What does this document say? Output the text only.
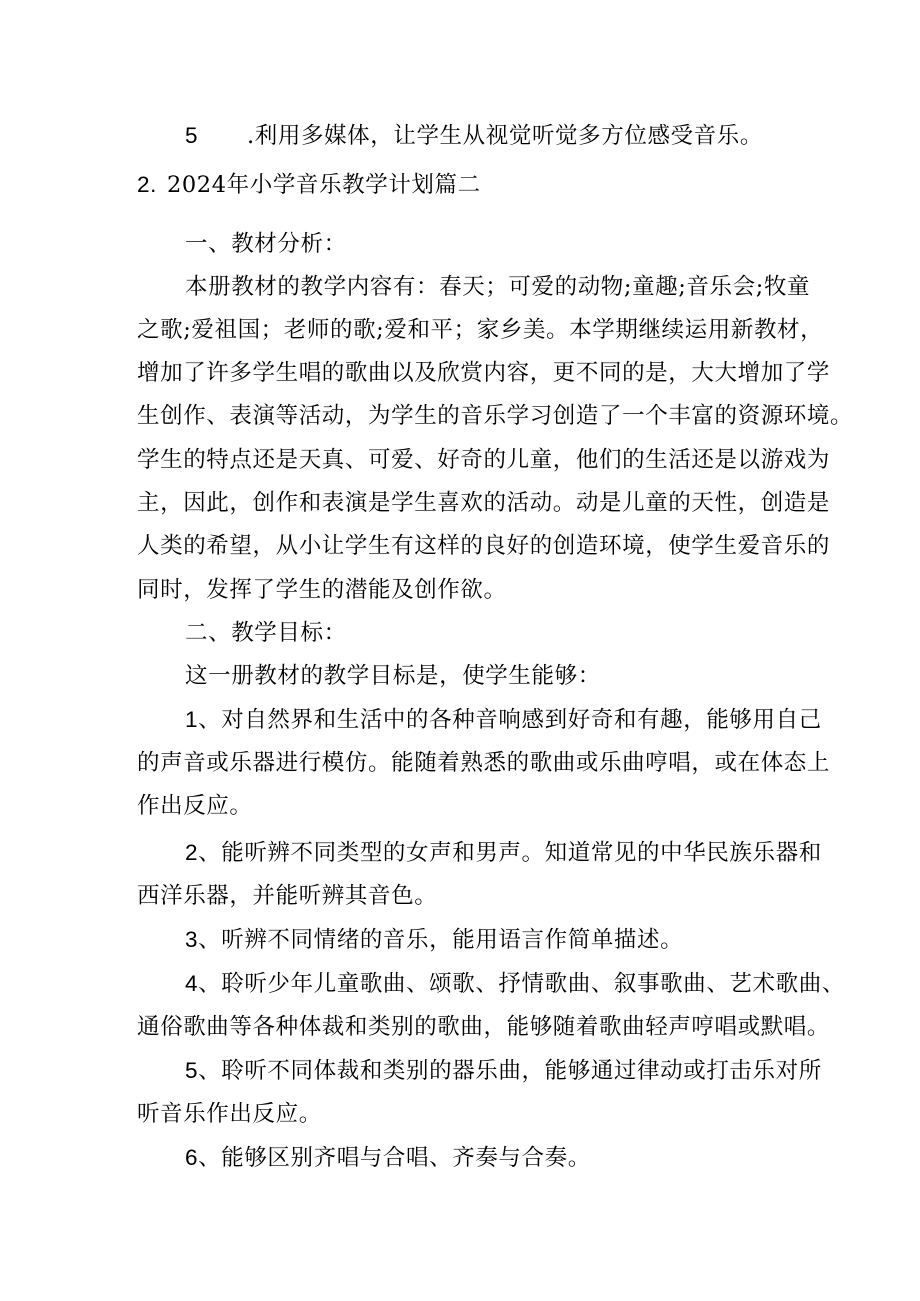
5 .利用多媒体，让学生从视觉听觉多方位感受音乐。
2. 2024年小学音乐教学计划篇二
一、教材分析：
本册教材的教学内容有：春天；可爱的动物;童趣;音乐会;牧童
之歌;爱祖国；老师的歌;爱和平；家乡美。本学期继续运用新教材，
增加了许多学生唱的歌曲以及欣赏内容，更不同的是，大大增加了学
生创作、表演等活动，为学生的音乐学习创造了一个丰富的资源环境。
学生的特点还是天真、可爱、好奇的儿童，他们的生活还是以游戏为
主，因此，创作和表演是学生喜欢的活动。动是儿童的天性，创造是
人类的希望，从小让学生有这样的良好的创造环境，使学生爱音乐的
同时，发挥了学生的潜能及创作欲。
二、教学目标：
这一册教材的教学目标是，使学生能够：
1、对自然界和生活中的各种音响感到好奇和有趣，能够用自己
的声音或乐器进行模仿。能随着熟悉的歌曲或乐曲哼唱，或在体态上
作出反应。
2、能听辨不同类型的女声和男声。知道常见的中华民族乐器和
西洋乐器，并能听辨其音色。
3、听辨不同情绪的音乐，能用语言作简单描述。
4、聆听少年儿童歌曲、颂歌、抒情歌曲、叙事歌曲、艺术歌曲、
通俗歌曲等各种体裁和类别的歌曲，能够随着歌曲轻声哼唱或默唱。
5、聆听不同体裁和类别的器乐曲，能够通过律动或打击乐对所
听音乐作出反应。
6、能够区别齐唱与合唱、齐奏与合奏。
